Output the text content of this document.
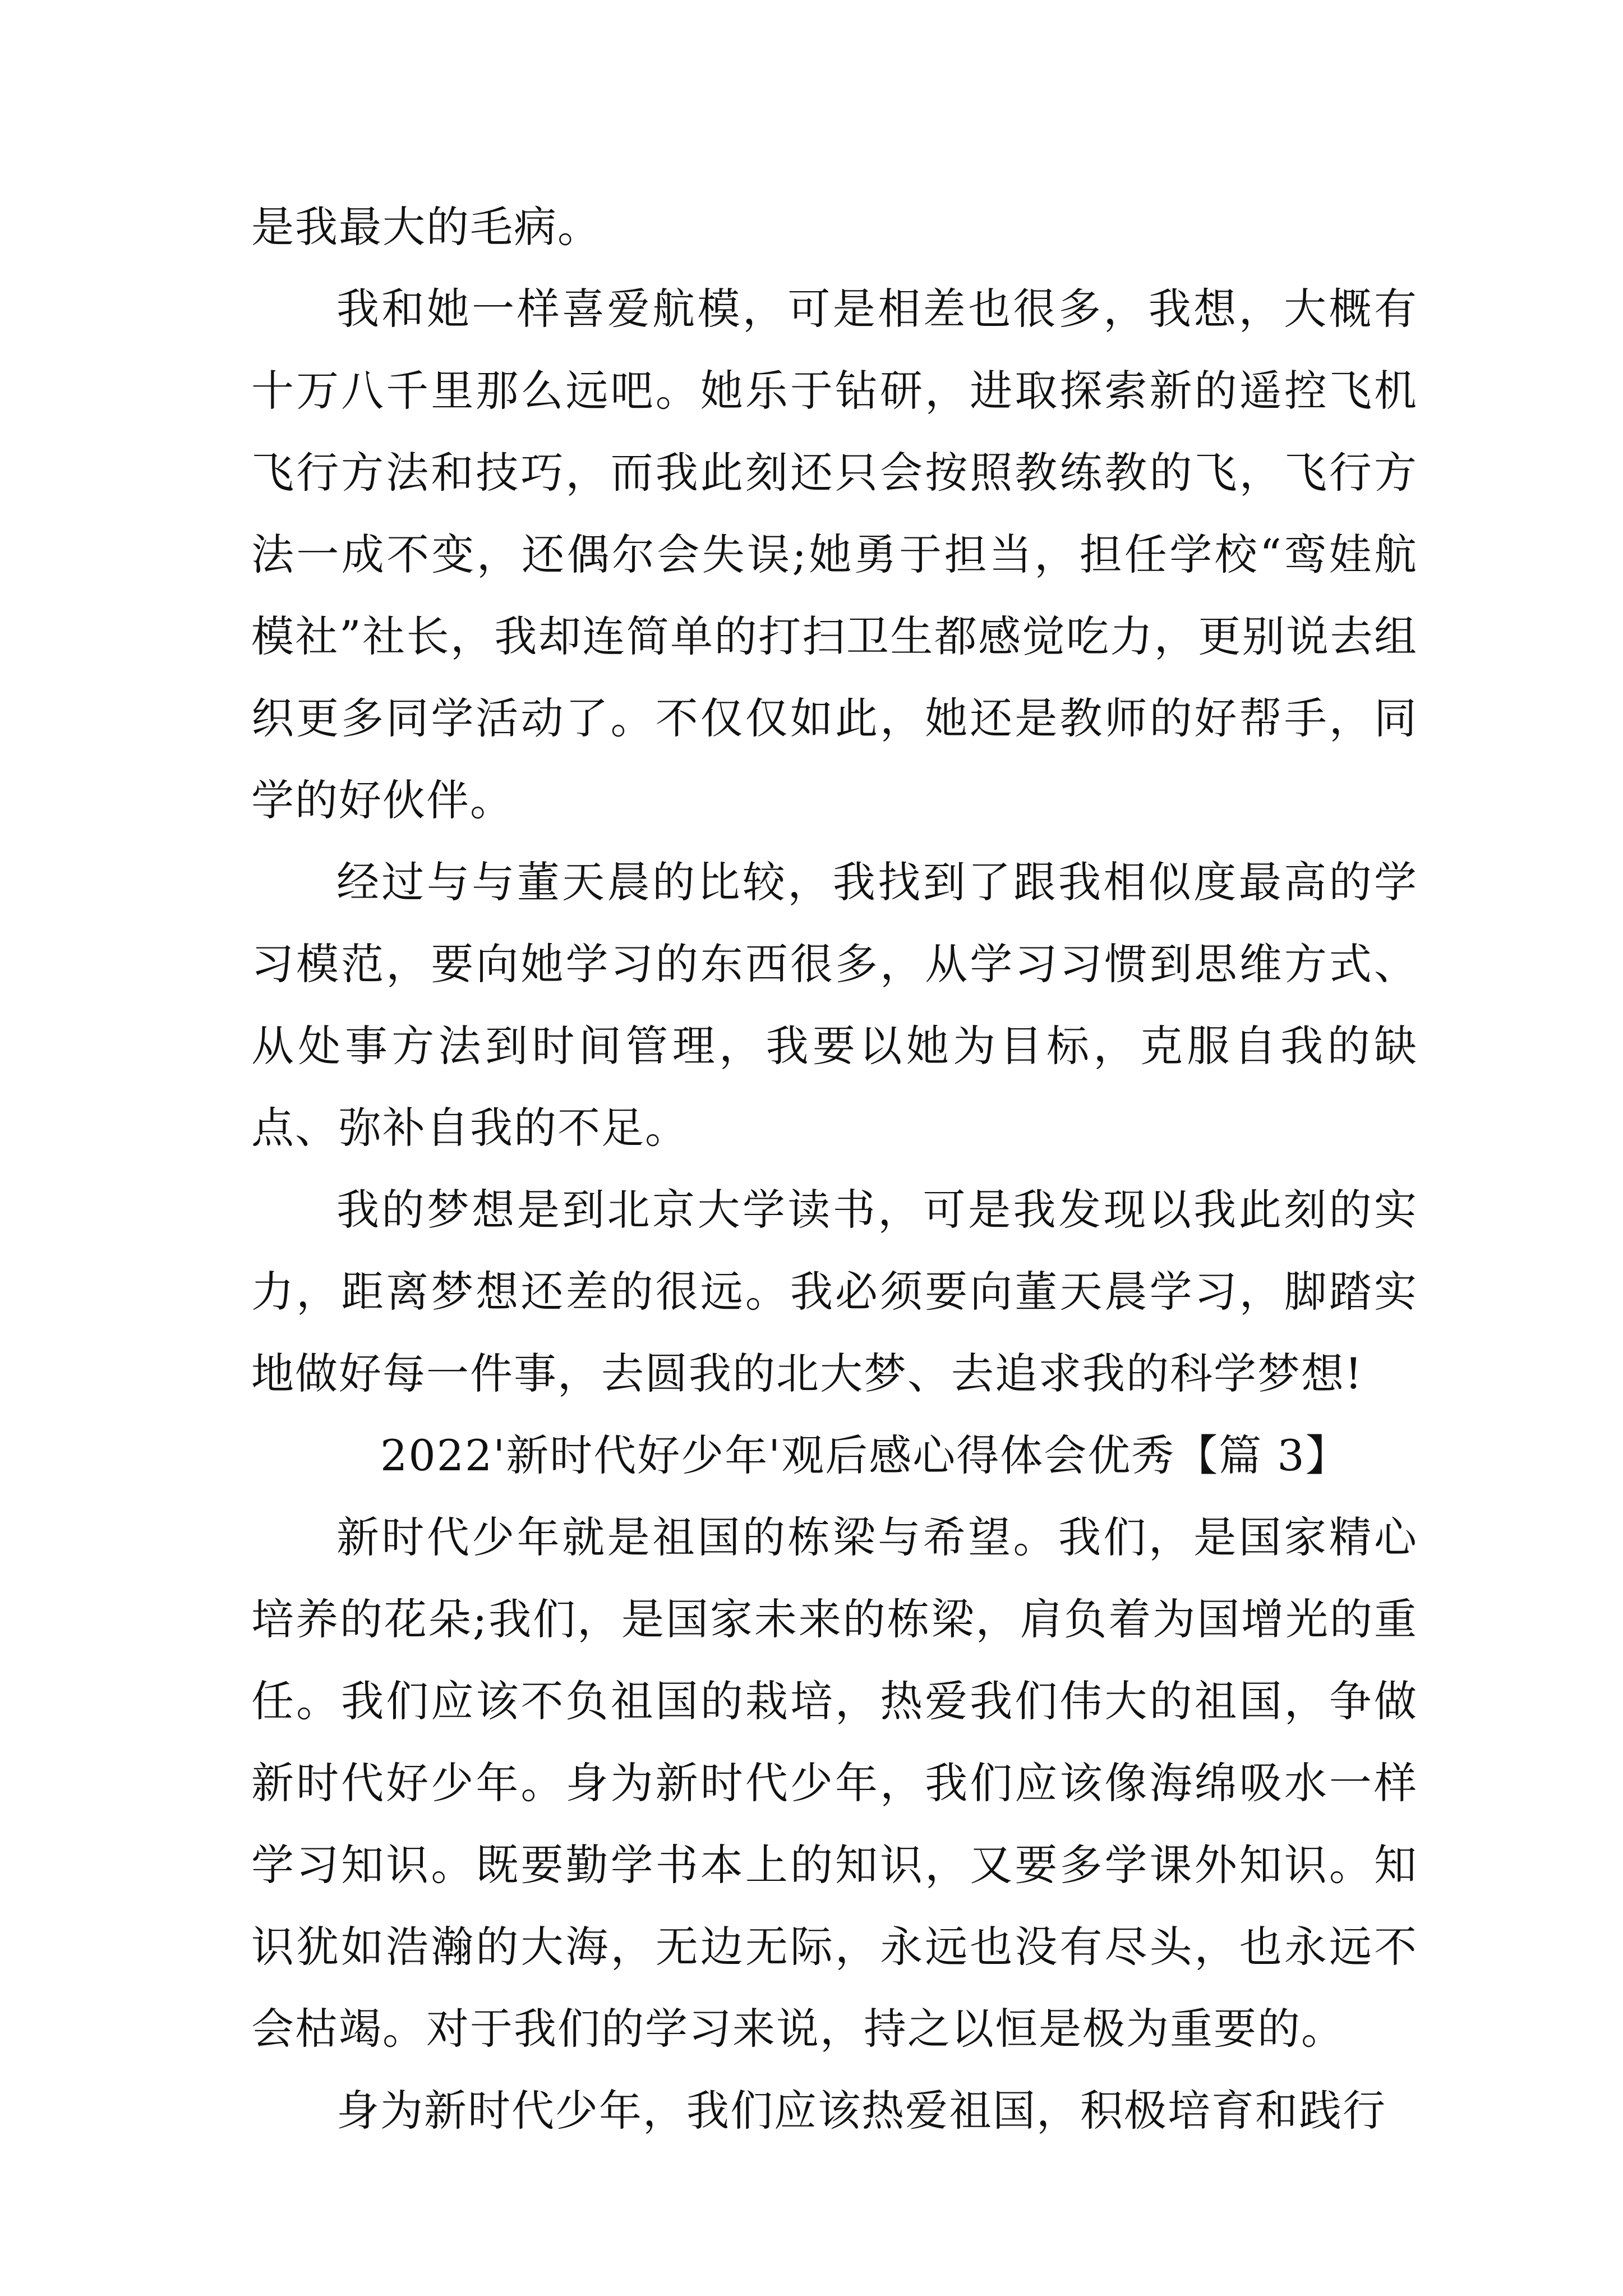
是我最大的毛病。

我和她一样喜爱航模，可是相差也很多，我想，大概有十万八千里那么远吧。她乐于钻研，进取探索新的遥控飞机飞行方法和技巧，而我此刻还只会按照教练教的飞，飞行方法一成不变，还偶尔会失误;她勇于担当，担任学校“鸾娃航模社”社长，我却连简单的打扫卫生都感觉吃力，更别说去组织更多同学活动了。不仅仅如此，她还是教师的好帮手，同学的好伙伴。

经过与与董天晨的比较，我找到了跟我相似度最高的学习模范，要向她学习的东西很多，从学习习惯到思维方式、从处事方法到时间管理，我要以她为目标，克服自我的缺点、弥补自我的不足。

我的梦想是到北京大学读书，可是我发现以我此刻的实力，距离梦想还差的很远。我必须要向董天晨学习，脚踏实地做好每一件事，去圆我的北大梦、去追求我的科学梦想!

2022'新时代好少年'观后感心得体会优秀【篇 3】

新时代少年就是祖国的栋梁与希望。我们，是国家精心培养的花朵;我们，是国家未来的栋梁，肩负着为国增光的重任。我们应该不负祖国的栽培，热爱我们伟大的祖国，争做新时代好少年。身为新时代少年，我们应该像海绵吸水一样学习知识。既要勤学书本上的知识，又要多学课外知识。知识犹如浩瀚的大海，无边无际，永远也没有尽头，也永远不会枯竭。对于我们的学习来说，持之以恒是极为重要的。

身为新时代少年，我们应该热爱祖国，积极培育和践行
